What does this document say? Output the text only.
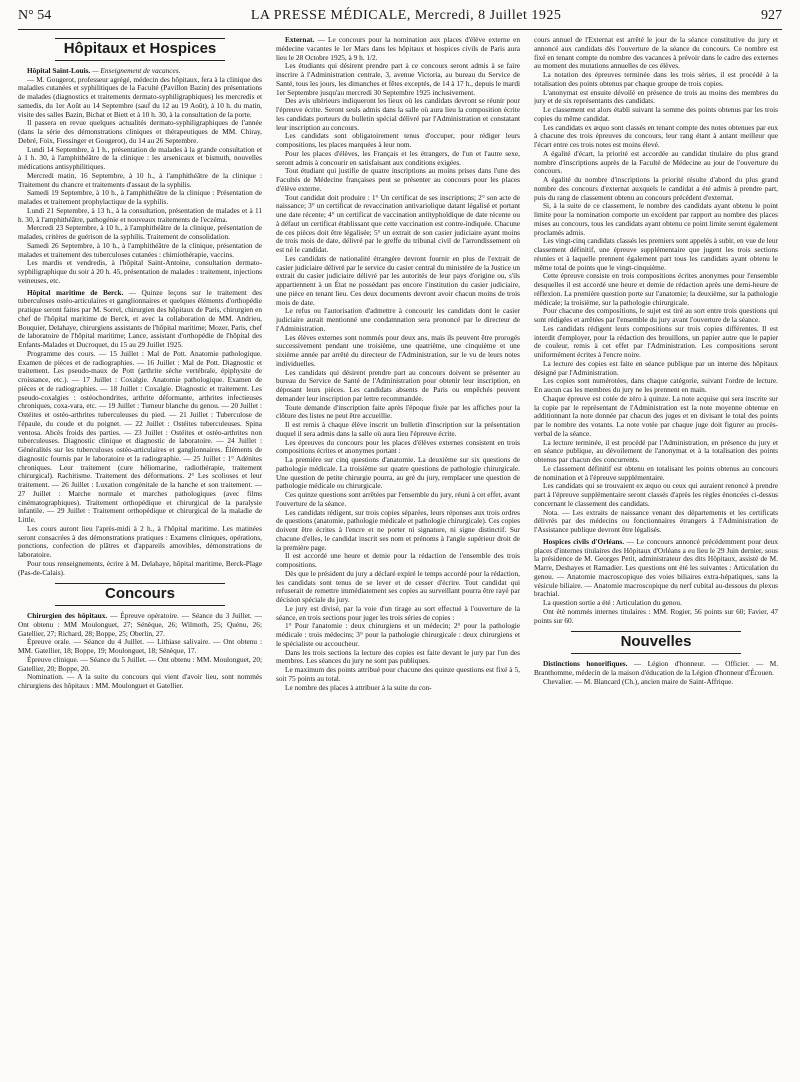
N° 54	LA PRESSE MÉDICALE, Mercredi, 8 Juillet 1925	927
Hôpitaux et Hospices

Hôpital Saint-Louis. — Enseignement de vacances.

— M. Gougerot, professeur agrégé, médecin des hôpitaux, fera à la clinique des maladies cutanées et syphilitiques de la Faculté (Pavillon Bazin) des présentations de malades (diagnostics et traitements dermato-syphiligraphiques) les mercredis et samedis, du 1er Août au 14 Septembre (sauf du 12 au 19 Août), à 10 h. du matin, visite des salles Bazin, Bichat et Biett et à 10 h. 30, à la consultation de la porte.

Il passera en revue quelques actualités dermato-syphiligraphiques de l'année (dans la série des démonstrations cliniques et thérapeutiques de MM. Chiray, Debré, Foix, Fiessinger et Gougerot), du 14 au 26 Septembre.

Lundi 14 Septembre, à 1 h., présentation de malades à la grande consultation et à 1 h. 30, à l'amphithéâtre de la clinique : les arsenicaux et bismuth, nouvelles médications antisyphilitiques.

Mercredi matin, 16 Septembre, à 10 h., à l'amphithéâtre de la clinique : Traitement du chancre et traitements d'assaut de la syphilis.

Samedi 19 Septembre, à 10 h., à l'amphithéâtre de la clinique : Présentation de malades et traitement prophylactique de la syphilis.

Lundi 21 Septembre, à 13 h., à la consultation, présentation de malades et à 11 h. 30, à l'amphithéâtre, pathogénie et nouveaux traitements de l'eczéma.

Mercredi 23 Septembre, à 10 h., à l'amphithéâtre de la clinique, présentation de malades, critères de guérison de la syphilis. Traitement de consolidation.

Samedi 26 Septembre, à 10 h., à l'amphithéâtre de la clinique, présentation de malades et traitement des tuberculoses cutanées : chimiothérapie, vaccins.

Les mardis et vendredis, à l'hôpital Saint-Antoine, consultation dermato-syphiligraphique du soir à 20 h. 45, présentation de malades : traitement, injections veineuses, etc.

Hôpital maritime de Berck. — Quinze leçons sur le traitement des tuberculoses ostéo-articulaires et ganglionnaires et quelques éléments d'orthopédie pratique seront faites par M. Sorrel, chirurgien des hôpitaux de Paris, chirurgien en chef de l'hôpital maritime de Berck, et avec la collaboration de MM. Andrieu, Bouquier, Delahaye, chirurgiens assistants de l'hôpital maritime; Mozer, Paris, chef de laboratoire de l'hôpital maritime; Lance, assistant d'orthopédie de l'hôpital des Enfants-Malades et Ducroquet, du 15 au 29 Juillet 1925.

Programme des cours. — 15 Juillet : Mal de Pott. Anatomie pathologique. Examen de pièces et de radiographies. — 16 Juillet : Mal de Pott. Diagnostic et traitement. Les pseudo-maux de Pott (arthrite sèche vertébrale, épiphysite de croissance, etc.). — 17 Juillet : Coxalgie. Anatomie pathologique. Examen de pièces et de radiographies. — 18 Juillet : Coxalgie. Diagnostic et traitement. Les pseudo-coxalgies : ostéochondrites, arthrite déformante, arthrites infectieuses chroniques, coxa-vara, etc. — 19 Juillet : Tumeur blanche du genou. — 20 Juillet : Ostéites et ostéo-arthrites tuberculeuses du pied. — 21 Juillet : Tuberculose de l'épaule, du coude et du poignet. — 22 Juillet : Ostéites tuberculeuses. Spina ventosa. Abcès froids des parties. — 23 Juillet : Ostéites et ostéo-arthrites non tuberculeuses. Diagnostic clinique et diagnostic de laboratoire. — 24 Juillet : Généralités sur les tuberculoses ostéo-articulaires et ganglionnaires. Éléments de diagnostic fournis par le laboratoire et la radiographie. — 25 Juillet : 1° Adénites chroniques. Leur traitement (cure héliomarine, radiothérapie, traitement chirurgical). Rachitisme. Traitement des déformations. 2° Les scolioses et leur traitement. — 26 Juillet : Luxation congénitale de la hanche et son traitement. — 27 Juillet : Marche normale et marches pathologiques (avec films cinématographiques). Traitement orthopédique et chirurgical de la paralysie infantile. — 29 Juillet : Traitement orthopédique et chirurgical de la maladie de Little.

Les cours auront lieu l'après-midi à 2 h., à l'hôpital maritime. Les matinées seront consacrées à des démonstrations pratiques : Examens cliniques, opérations, ponctions, confection de plâtres et d'appareils amovibles, démonstrations de laboratoire.

Pour tous renseignements, écrire à M. Delahaye, hôpital maritime, Berck-Plage (Pas-de-Calais).

Concours

Chirurgien des hôpitaux. — Épreuve opératoire. — Séance du 3 Juillet. — Ont obtenu : MM Moulonguet, 27; Sénèque, 26; Wilmoth, 25; Quénu, 26; Gatellier, 27; Richard, 28; Boppe, 25; Oberlin, 27.

Épreuve orale. — Séance du 4 Juillet. — Lithiase salivaire. — Ont obtenu : MM. Gatellier, 18; Boppe, 19; Moulonguet, 18; Sénèque, 17.

Épreuve clinique. — Séance du 5 Juillet. — Ont obtenu : MM. Moulonguet, 20; Gatellier, 20; Boppe, 20.

Nomination. — A la suite du concours qui vient d'avoir lieu, sont nommés chirurgiens des hôpitaux : MM. Moulonguet et Gatellier.

Externat. — Le concours pour la nomination aux places d'élève externe en médecine vacantes le 1er Mars dans les hôpitaux et hospices civils de Paris aura lieu le 28 Octobre 1925, à 9 h. 1/2.

Les étudiants qui désirent prendre part à ce concours seront admis à se faire inscrire à l'Administration centrale, 3, avenue Victoria, au bureau du Service de Santé, tous les jours, les dimanches et fêtes exceptés, de 14 à 17 h., depuis le mardi 1er Septembre jusqu'au mercredi 30 Septembre 1925 inclusivement.

Des avis ultérieurs indiqueront les lieux où les candidats devront se réunir pour l'épreuve écrite. Seront seuls admis dans la salle où aura lieu la composition écrite les candidats porteurs du bulletin spécial délivré par l'Administration et constatant leur inscription au concours.

Les candidats sont obligatoirement tenus d'occuper, pour rédiger leurs compositions, les places marquées à leur nom.

Pour les places d'élèves, les Français et les étrangers, de l'un et l'autre sexe, seront admis à concourir en satisfaisant aux conditions exigées.

Tout étudiant qui justifie de quatre inscriptions au moins prises dans l'une des Facultés de Médecine françaises peut se présenter au concours pour les places d'élève externe.

Tout candidat doit produire : 1° Un certificat de ses inscriptions; 2° son acte de naissance; 3° un certificat de revaccination antivariolique datant légalisé et portant une date récente; 4° un certificat de vaccination antityphoïdique de date récente ou à défaut un certificat établissant que cette vaccination est contre-indiquée. Chacune de ces pièces doit être légalisée; 5° un extrait de son casier judiciaire ayant moins de trois mois de date, délivré par le greffe du tribunal civil de l'arrondissement où est né le candidat.

Les candidats de nationalité étrangère devront fournir en plus de l'extrait de casier judiciaire délivré par le service du casier central du ministère de la Justice un extrait du casier judiciaire délivré par les autorités de leur pays d'origine ou, s'ils appartiennent à un État ne possédant pas encore l'institution du casier judiciaire, une pièce en tenant lieu. Ces deux documents devront avoir chacun moins de trois mois de date.

Le refus ou l'autorisation d'admettre à concourir les candidats dont le casier judiciaire aurait mentionné une condamnation sera prononcé par le directeur de l'Administration.

Les élèves externes sont nommés pour deux ans, mais ils peuvent être prorogés successivement pendant une troisième, une quatrième, une cinquième et une sixième année par arrêté du directeur de l'Administration, sur le vu de leurs notes individuelles.

Les candidats qui désirent prendre part au concours doivent se présenter au bureau du Service de Santé de l'Administration pour obtenir leur inscription, en déposant leurs pièces. Les candidats absents de Paris ou empêchés peuvent demander leur inscription par lettre recommandée.

Toute demande d'inscription faite après l'époque fixée par les affiches pour la clôture des listes ne peut être accueillie.

Il est remis à chaque élève inscrit un bulletin d'inscription sur la présentation duquel il sera admis dans la salle où aura lieu l'épreuve écrite.

Les épreuves du concours pour les places d'élèves externes consistent en trois compositions écrites et anonymes portant :

La première sur cinq questions d'anatomie. La deuxième sur six questions de pathologie médicale. La troisième sur quatre questions de pathologie chirurgicale. Une question de petite chirurgie pourra, au gré du jury, remplacer une question de pathologie médicale ou chirurgicale.

Ces quinze questions sont arrêtées par l'ensemble du jury, réuni à cet effet, avant l'ouverture de la séance.

Les candidats rédigent, sur trois copies séparées, leurs réponses aux trois ordres de questions (anatomie, pathologie médicale et pathologie chirurgicale). Ces copies doivent être écrites à l'encre et ne porter ni signature, ni signe distinctif. Sur chacune d'elles, le candidat inscrit ses nom et prénoms à l'angle supérieur droit de la première page.

Il est accordé une heure et demie pour la rédaction de l'ensemble des trois compositions.

Dès que le président du jury a déclaré expiré le temps accordé pour la rédaction, les candidats sont tenus de se lever et de cesser d'écrire. Tout candidat qui refuserait de remettre immédiatement ses copies au surveillant pourra être rayé par décision spéciale du jury.

Le jury est divisé, par la voie d'un tirage au sort effectué à l'ouverture de la séance, en trois sections pour juger les trois séries de copies :

1° Pour l'anatomie : deux chirurgiens et un médecin; 2° pour la pathologie médicale : trois médecins; 3° pour la pathologie chirurgicale : deux chirurgiens et le spécialiste ou accoucheur.

Dans les trois sections la lecture des copies est faite devant le jury par l'un des membres. Les séances du jury ne sont pas publiques.

Le maximum des points attribué pour chacune des quinze questions est fixé à 5, soit 75 points au total.

Le nombre des places à attribuer à la suite du con-

cours annuel de l'Externat est arrêté le jour de la séance constitutive du jury et annoncé aux candidats dès l'ouverture de la séance du concours. Ce nombre est fixé en tenant compte du nombre des vacances à prévoir dans le cadre des externes au moment des mutations annuelles de ces élèves.

La notation des épreuves terminée dans les trois séries, il est procédé à la totalisation des points obtenus par chaque groupe de trois copies.

L'anonymat est ensuite dévoilé en présence de trois au moins des membres du jury et de six représentants des candidats.

Le classement est alors établi suivant la somme des points obtenus par les trois copies du même candidat.

Les candidats ex æquo sont classés en tenant compte des notes obtenues par eux à chacune des trois épreuves du concours, leur rang étant à autant meilleur que l'écart entre ces trois notes est moins élevé.

A égalité d'écart, la priorité est accordée au candidat titulaire du plus grand nombre d'inscriptions auprès de la Faculté de Médecine au jour de l'ouverture du concours.

A égalité du nombre d'inscriptions la priorité résulte d'abord du plus grand nombre des concours d'externat auxquels le candidat a été admis à prendre part, puis du rang de classement obtenu au concours précédent d'externat.

Si, à la suite de ce classement, le nombre des candidats ayant obtenu le point limite pour la nomination comporte un excédent par rapport au nombre des places mises au concours, tous les candidats ayant obtenu ce point limite seront également proclamés admis.

Les vingt-cinq candidats classés les premiers sont appelés à subir, en vue de leur classement définitif, une épreuve supplémentaire que jugent les trois sections réunies et à laquelle prennent également part tous les candidats ayant obtenu le même total de points que le vingt-cinquième.

Cette épreuve consiste en trois compositions écrites anonymes pour l'ensemble desquelles il est accordé une heure et demie de rédaction après une demi-heure de réflexion. La première question porte sur l'anatomie; la deuxième, sur la pathologie médicale; la troisième, sur la pathologie chirurgicale.

Pour chacune des compositions, le sujet est tiré au sort entre trois questions qui sont rédigées et arrêtées par l'ensemble du jury avant l'ouverture de la séance.

Les candidats rédigent leurs compositions sur trois copies différentes. Il est interdit d'employer, pour la rédaction des brouillons, un papier autre que le papier de couleur, remis à cet effet par l'Administration. Les compositions seront uniformément écrites à l'encre noire.

La lecture des copies est faite en séance publique par un interne des hôpitaux désigné par l'Administration.

Les copies sont numérotées, dans chaque catégorie, suivant l'ordre de lecture. En aucun cas les membres du jury ne les prennent en main.

Chaque épreuve est cotée de zéro à quinze. La note acquise qui sera inscrite sur la copie par le représentant de l'Administration est la note moyenne obtenue en additionnant la note donnée par chacun des juges et en divisant le total des points par le nombre des votants. La note votée par chaque juge doit figurer au procès-verbal de la séance.

La lecture terminée, il est procédé par l'Administration, en présence du jury et en séance publique, au dévoilement de l'anonymat et à la totalisation des points obtenus par chacun des concurrents.

Le classement définitif est obtenu en totalisant les points obtenus au concours de nomination et à l'épreuve supplémentaire.

Les candidats qui se trouvaient ex æquo ou ceux qui auraient renoncé à prendre part à l'épreuve supplémentaire seront classés d'après les règles énoncées ci-dessus concernant le classement des candidats.

Nota. — Les extraits de naissance venant des départements et les certificats délivrés par des médecins ou fonctionnaires étrangers à l'Administration de l'Assistance publique devront être légalisés.

Hospices civils d'Orléans. — Le concours annoncé précédemment pour deux places d'internes titulaires des Hôpitaux d'Orléans a eu lieu le 29 Juin dernier, sous la présidence de M. Georges Petit, administrateur des dits Hôpitaux, assisté de M. Marre, Deshayes et Ramadier. Les questions ont été les suivantes : Articulation du genou. — Anatomie macroscopique des voies biliaires extra-hépatiques, sans la vésicule biliaire. — Anatomie macroscopique du nerf cubital au-dessous du plexus brachial.

La question sortie a été : Articulation du genou.

Ont été nommés internes titulaires : MM. Rogier, 56 points sur 60; Favier, 47 points sur 60.

Nouvelles

Distinctions honorifiques. — Légion d'honneur. — Officier. — M. Branthomme, médecin de la maison d'éducation de la Légion d'honneur d'Écouen.

Chevalier. — M. Blancard (Ch.), ancien maire de Saint-Affrique.
